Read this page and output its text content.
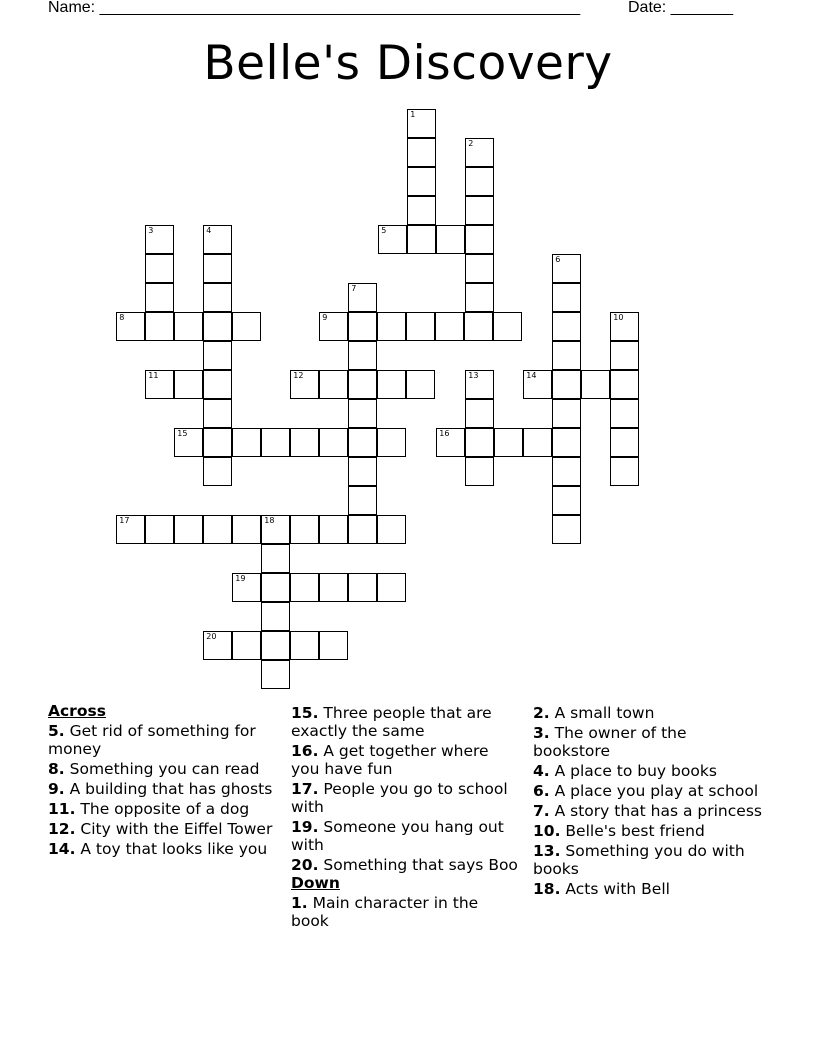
Name: ______________________________________________________	Date: _______
Belle's Discovery
1
2
5
3	4
8	9
7
6
10
11	12	13	14
15	16
17	18
19
20
Across
5. Get rid of something for money
8. Something you can read
9. A building that has ghosts
11. The opposite of a dog
12. City with the Eiffel Tower
14. A toy that looks like you
15. Three people that are exactly the same
16. A get together where you have fun
17. People you go to school with
19. Someone you hang out with
20. Something that says Boo
Down
1. Main character in the book
2. A small town
3. The owner of the bookstore
4. A place to buy books
6. A place you play at school
7. A story that has a princess
10. Belle's best friend
13. Something you do with books
18. Acts with Bell
